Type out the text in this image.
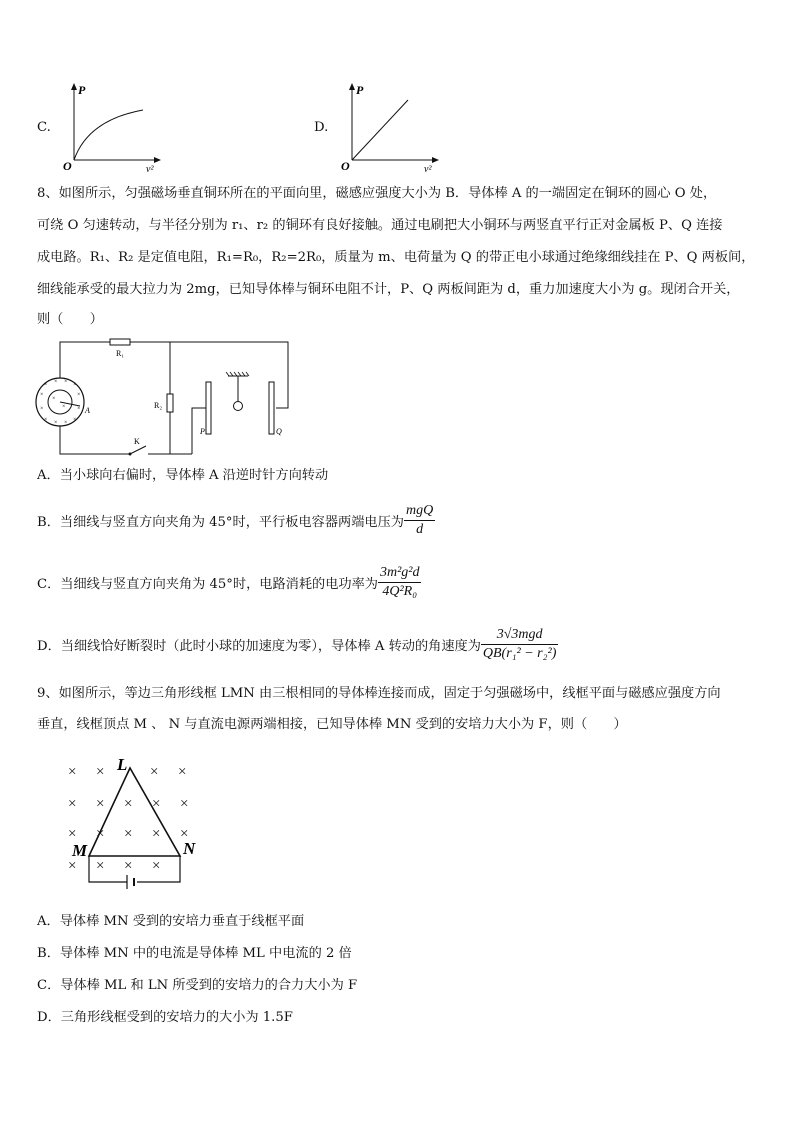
C.
P
O	v²
D.
P
O	v²
8、如图所示，匀强磁场垂直铜环所在的平面向里，磁感应强度大小为 B．导体棒 A 的一端固定在铜环的圆心 O 处，
可绕 O 匀速转动，与半径分别为 r₁、r₂ 的铜环有良好接触。通过电刷把大小铜环与两竖直平行正对金属板 P、Q 连接
成电路。R₁、R₂ 是定值电阻，R₁=R₀，R₂=2R₀，质量为 m、电荷量为 Q 的带正电小球通过绝缘细线挂在 P、Q 两板间，
细线能承受的最大拉力为 2mg，已知导体棒与铜环电阻不计，P、Q 两板间距为 d，重力加速度大小为 g。现闭合开关，
则（　　）
R₁
R₂
K
P	Q
× × × ×
×	×
×	×
× × × ×
×
× A
A．当小球向右偏时，导体棒 A 沿逆时针方向转动
B．当细线与竖直方向夹角为 45°时，平行板电容器两端电压为 $\frac{\text{mgQ}}{d}$
C．当细线与竖直方向夹角为 45°时，电路消耗的电功率为 $\frac{\text{3m²g²d}}{\text{4Q²R₀}}$
D．当细线恰好断裂时（此时小球的加速度为零），导体棒 A 转动的角速度为 $\frac{\text{3√3mgd}}{\text{QB(r₁² − r₂²)}}$
9、如图所示，等边三角形线框 LMN 由三根相同的导体棒连接而成，固定于匀强磁场中，线框平面与磁感应强度方向
垂直，线框顶点 M 、 N 与直流电源两端相接，已知导体棒 MN 受到的安培力大小为 F，则（　　）
× ×	× ×
× × × × ×
× × × × ×
× × × ×
L
M	N
A．导体棒 MN 受到的安培力垂直于线框平面
B．导体棒 MN 中的电流是导体棒 ML 中电流的 2 倍
C．导体棒 ML 和 LN 所受到的安培力的合力大小为 F
D．三角形线框受到的安培力的大小为 1.5F
